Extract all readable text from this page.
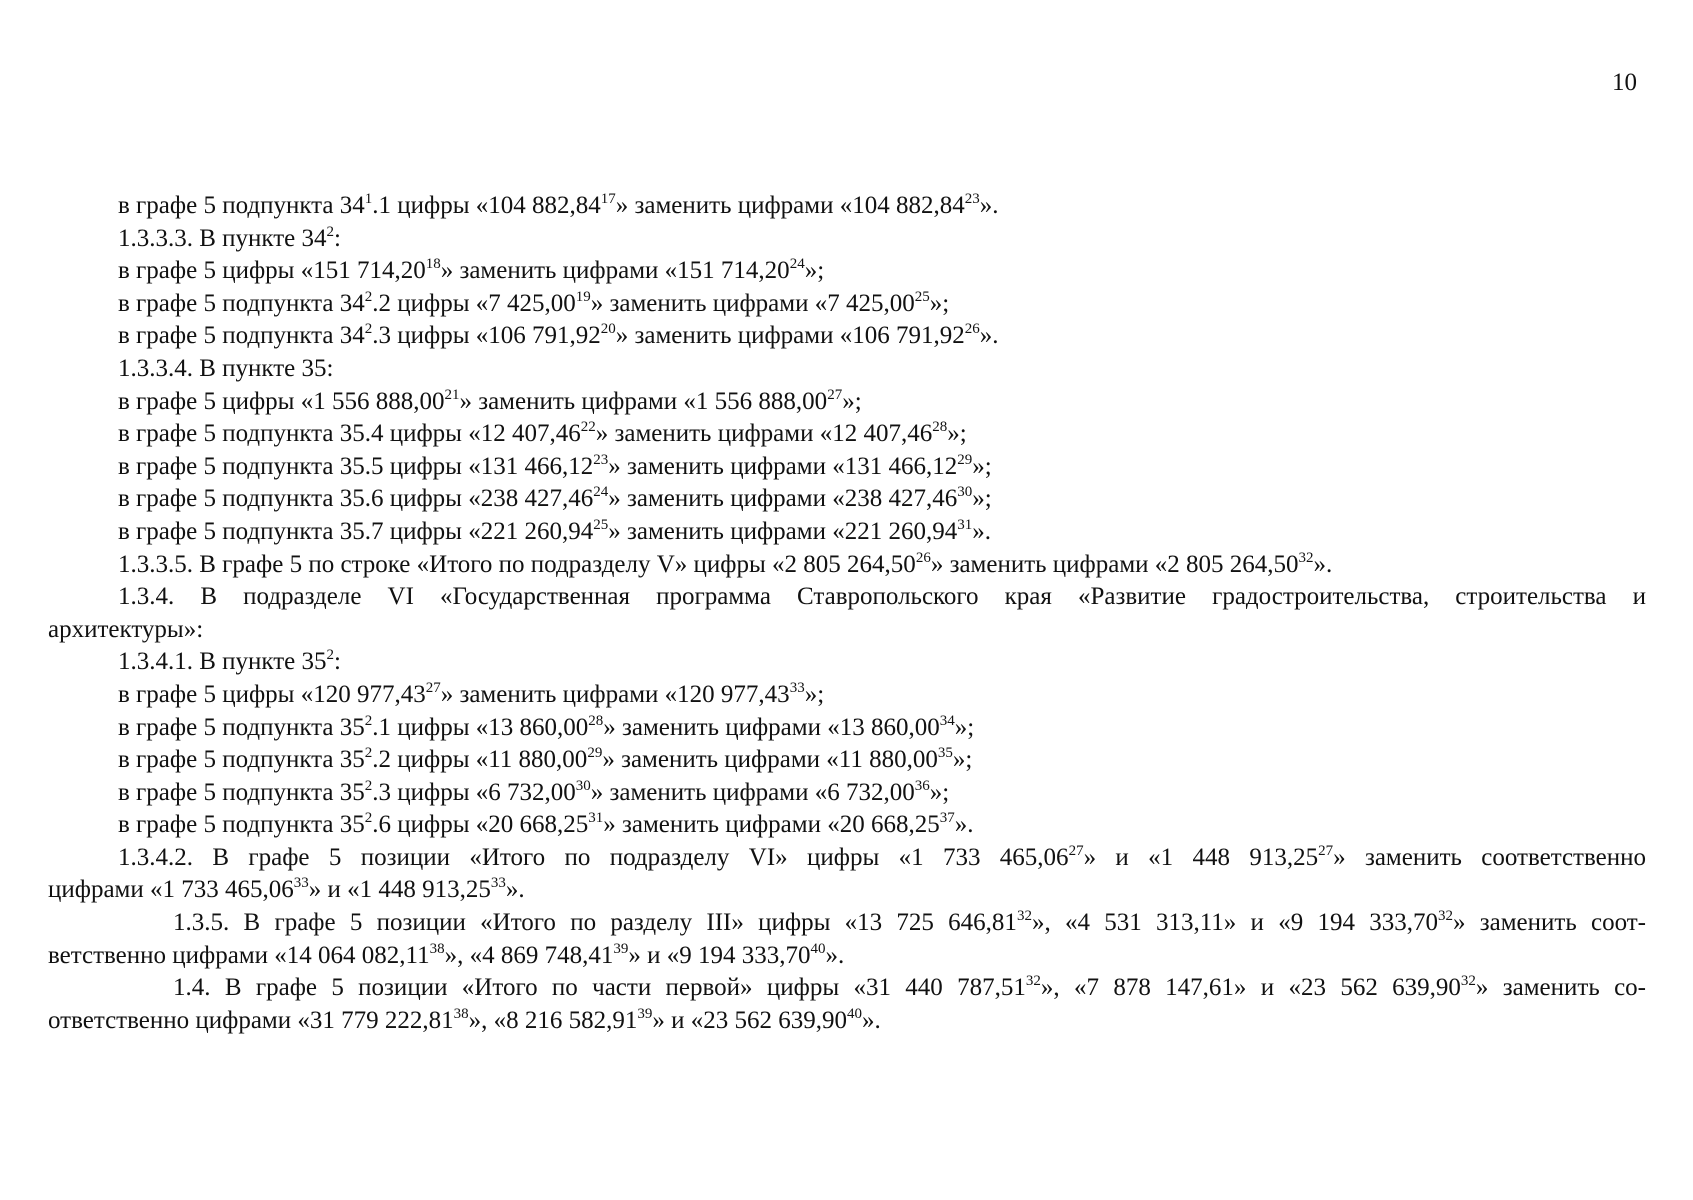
10
в графе 5 подпункта $34^1.1$ цифры «104 882,84$^{17}$» заменить цифрами «104 882,84$^{23}$».
1.3.3.3. В пункте $34^2$:
в графе 5 цифры «151 714,20$^{18}$» заменить цифрами «151 714,20$^{24}$»;
в графе 5 подпункта $34^2.2$ цифры «7 425,00$^{19}$» заменить цифрами «7 425,00$^{25}$»;
в графе 5 подпункта $34^2.3$ цифры «106 791,92$^{20}$» заменить цифрами «106 791,92$^{26}$».
1.3.3.4. В пункте 35:
в графе 5 цифры «1 556 888,00$^{21}$» заменить цифрами «1 556 888,00$^{27}$»;
в графе 5 подпункта 35.4 цифры «12 407,46$^{22}$» заменить цифрами «12 407,46$^{28}$»;
в графе 5 подпункта 35.5 цифры «131 466,12$^{23}$» заменить цифрами «131 466,12$^{29}$»;
в графе 5 подпункта 35.6 цифры «238 427,46$^{24}$» заменить цифрами «238 427,46$^{30}$»;
в графе 5 подпункта 35.7 цифры «221 260,94$^{25}$» заменить цифрами «221 260,94$^{31}$».
1.3.3.5. В графе 5 по строке «Итого по подразделу V» цифры «2 805 264,50$^{26}$» заменить цифрами «2 805 264,50$^{32}$».
1.3.4. В подразделе VI «Государственная программа Ставропольского края «Развитие градостроительства, строительства и
архитектуры»:
1.3.4.1. В пункте $35^2$:
в графе 5 цифры «120 977,43$^{27}$» заменить цифрами «120 977,43$^{33}$»;
в графе 5 подпункта $35^2.1$ цифры «13 860,00$^{28}$» заменить цифрами «13 860,00$^{34}$»;
в графе 5 подпункта $35^2.2$ цифры «11 880,00$^{29}$» заменить цифрами «11 880,00$^{35}$»;
в графе 5 подпункта $35^2.3$ цифры «6 732,00$^{30}$» заменить цифрами «6 732,00$^{36}$»;
в графе 5 подпункта $35^2.6$ цифры «20 668,25$^{31}$» заменить цифрами «20 668,25$^{37}$».
1.3.4.2. В графе 5 позиции «Итого по подразделу VI» цифры «1 733 465,06$^{27}$» и «1 448 913,25$^{27}$» заменить соответственно
цифрами «1 733 465,06$^{33}$» и «1 448 913,25$^{33}$».
1.3.5. В графе 5 позиции «Итого по разделу III» цифры «13 725 646,81$^{32}$», «4 531 313,11» и «9 194 333,70$^{32}$» заменить соот-
ветственно цифрами «14 064 082,11$^{38}$», «4 869 748,41$^{39}$» и «9 194 333,70$^{40}$».
1.4. В графе 5 позиции «Итого по части первой» цифры «31 440 787,51$^{32}$», «7 878 147,61» и «23 562 639,90$^{32}$» заменить со-
ответственно цифрами «31 779 222,81$^{38}$», «8 216 582,91$^{39}$» и «23 562 639,90$^{40}$».
